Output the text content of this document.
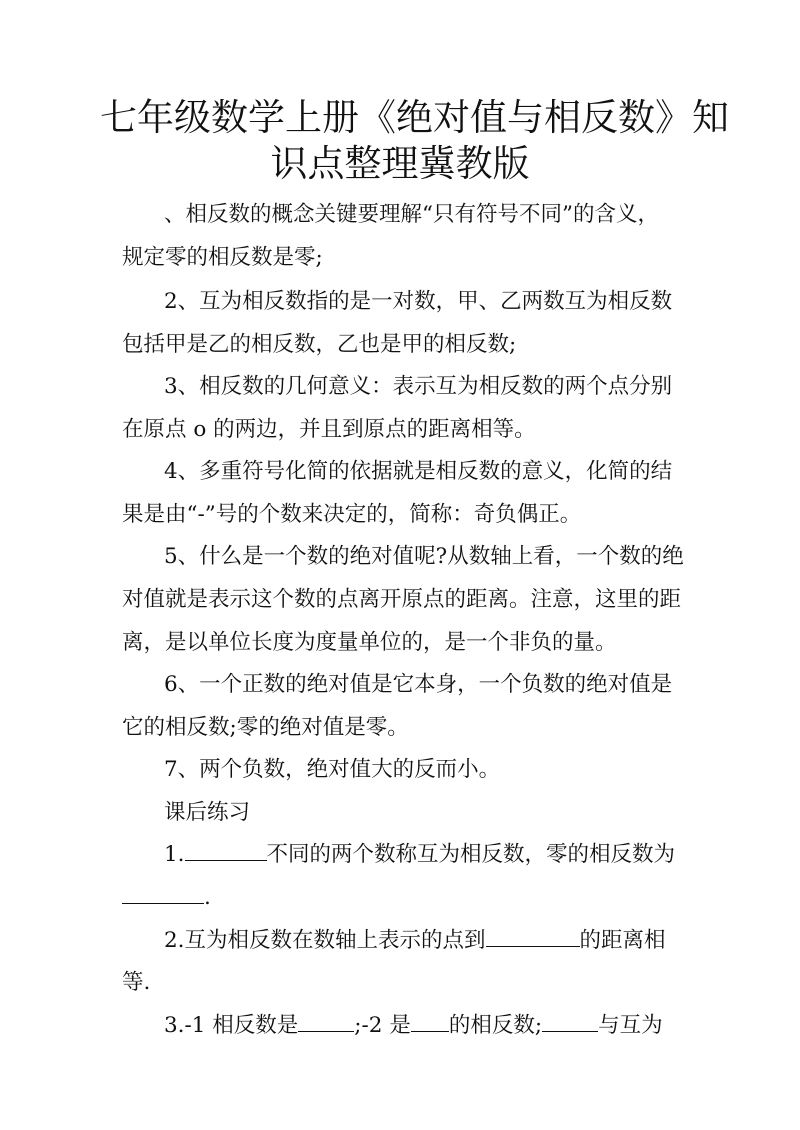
七年级数学上册《绝对值与相反数》知
识点整理冀教版
、相反数的概念关键要理解“只有符号不同”的含义，
规定零的相反数是零;
2、互为相反数指的是一对数，甲、乙两数互为相反数
包括甲是乙的相反数，乙也是甲的相反数;
3、相反数的几何意义：表示互为相反数的两个点分别
在原点 o 的两边，并且到原点的距离相等。
4、多重符号化简的依据就是相反数的意义，化简的结
果是由“-”号的个数来决定的，简称：奇负偶正。
5、什么是一个数的绝对值呢?从数轴上看，一个数的绝
对值就是表示这个数的点离开原点的距离。注意，这里的距
离，是以单位长度为度量单位的，是一个非负的量。
6、一个正数的绝对值是它本身，一个负数的绝对值是
它的相反数;零的绝对值是零。
7、两个负数，绝对值大的反而小。
课后练习
1.	不同的两个数称互为相反数，零的相反数为
.
2.互为相反数在数轴上表示的点到	的距离相
等.
3.-1 相反数是	;-2 是 的相反数;	与互为
